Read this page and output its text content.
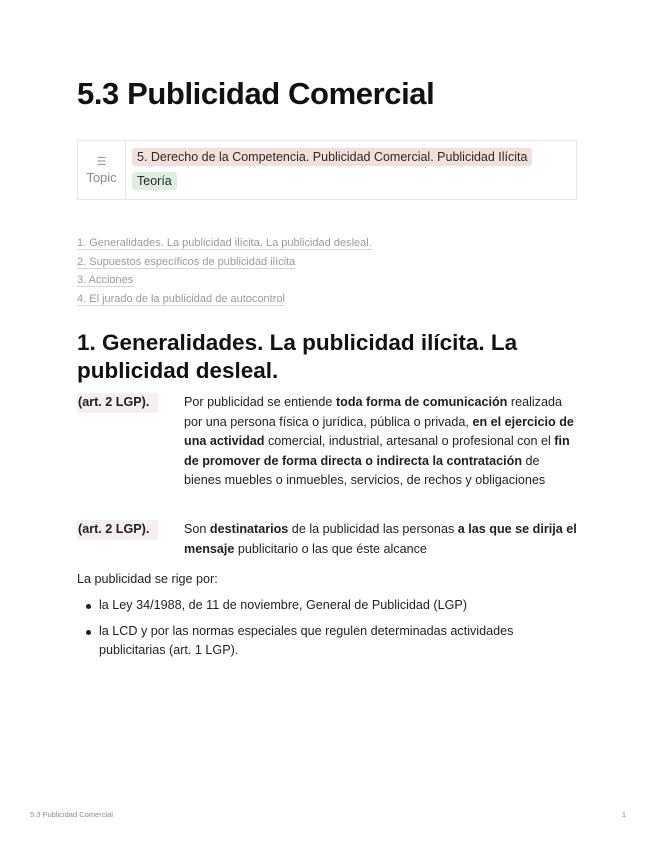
5.3 Publicidad Comercial
☰
Topic
5. Derecho de la Competencia. Publicidad Comercial. Publicidad Ilícita
Teoría
1. Generalidades. La publicidad ilícita. La publicidad desleal.
2. Supuestos específicos de publicidad ilícita
3. Acciones
4. El jurado de la publicidad de autocontrol
1. Generalidades. La publicidad ilícita. La publicidad desleal.
(art. 2 LGP).	Por publicidad se entiende toda forma de comunicación realizada por una persona física o jurídica, pública o privada, en el ejercicio de una actividad comercial, industrial, artesanal o profesional con el fin de promover de forma directa o indirecta la contratación de bienes muebles o inmuebles, servicios, de rechos y obligaciones
(art. 2 LGP).	Son destinatarios de la publicidad las personas a las que se dirija el mensaje publicitario o las que éste alcance
La publicidad se rige por:
la Ley 34/1988, de 11 de noviembre, General de Publicidad (LGP)
la LCD y por las normas especiales que regulen determinadas actividades publicitarias (art. 1 LGP).
5.3 Publicidad Comercial	1
